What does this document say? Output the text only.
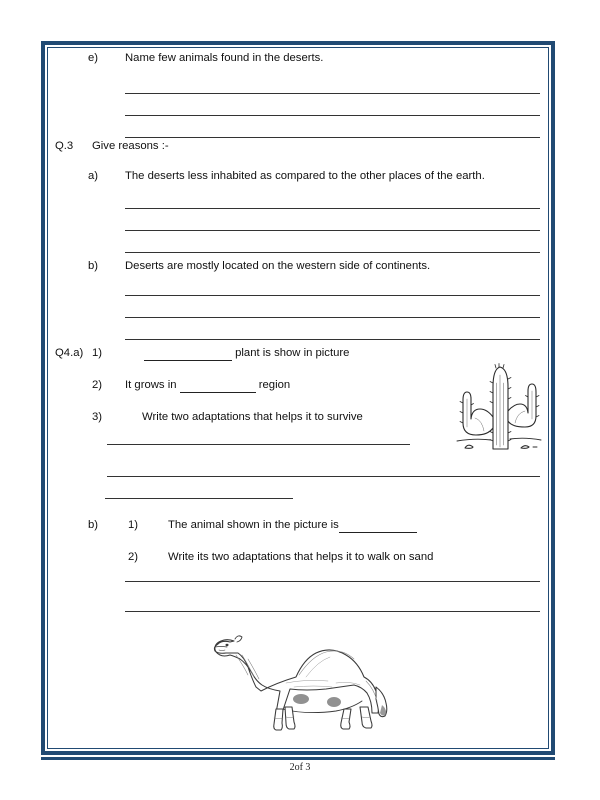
e) Name few animals found in the deserts.
Q.3 Give reasons :-
a) The deserts less inhabited as compared to the other places of the earth.
b) Deserts are mostly located on the western side of continents.
Q4.a) 1)	plant is show in picture
2) It grows in	region
3)	Write two adaptations that helps it to survive
b)	1)	The animal shown in the picture is
2)	Write its two adaptations that helps it to walk on sand
2of 3
